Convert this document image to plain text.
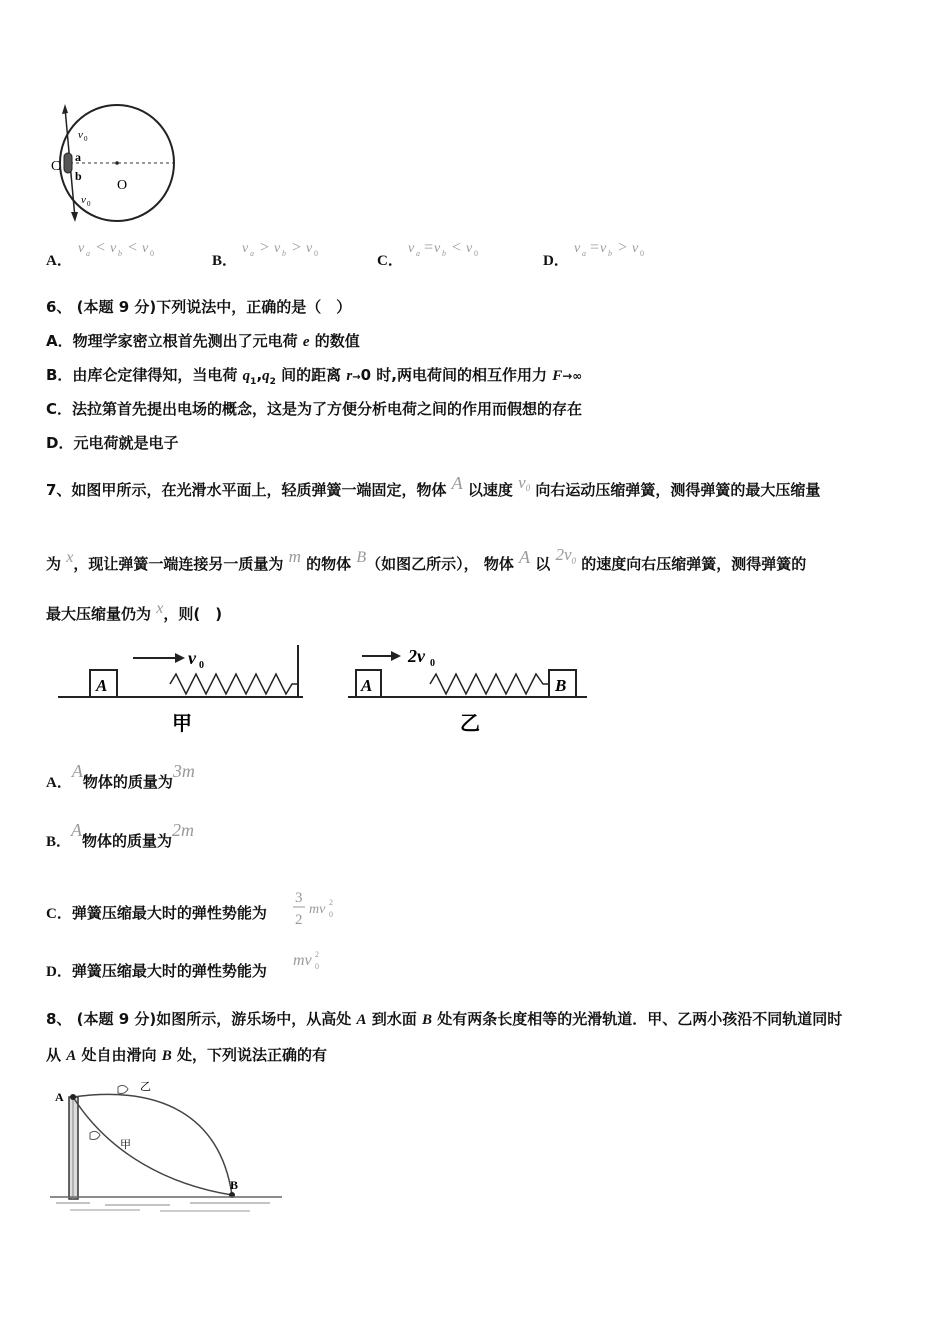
C
a
b
O
v 0
v 0
A．
v a < v b < v 0	B．
v a > v b > v 0	C．
v a = v b < v 0	D．
v a = v b > v 0
6、 (本题 9 分)下列说法中，正确的是（　）
A．物理学家密立根首先测出了元电荷 e 的数值
B．由库仑定律得知，当电荷 $q_1,q_2$ 间的距离 r→0 时,两电荷间的相互作用力 F→∞
C．法拉第首先提出电场的概念，这是为了方便分析电荷之间的作用而假想的存在
D．元电荷就是电子
7、如图甲所示，在光滑水平面上，轻质弹簧一端固定，物体 A 以速度 $v_0$ 向右运动压缩弹簧，测得弹簧的最大压缩量
为 x，现让弹簧一端连接另一质量为 m 的物体 B（如图乙所示）， 物体 A 以 $2v_0$ 的速度向右压缩弹簧，测得弹簧的
最大压缩量仍为 x，则(　)
A
v 0
甲
A	B
2v 0
乙
A．A物体的质量为3m
B．A物体的质量为2m
C．弹簧压缩最大时的弹性势能为
3
2
mv 2
0
D．弹簧压缩最大时的弹性势能为
mv 2
0
8、 (本题 9 分)如图所示，游乐场中，从高处 A 到水面 B 处有两条长度相等的光滑轨道．甲、乙两小孩沿不同轨道同时
从 A 处自由滑向 B 处，下列说法正确的有
A
B
乙
甲
